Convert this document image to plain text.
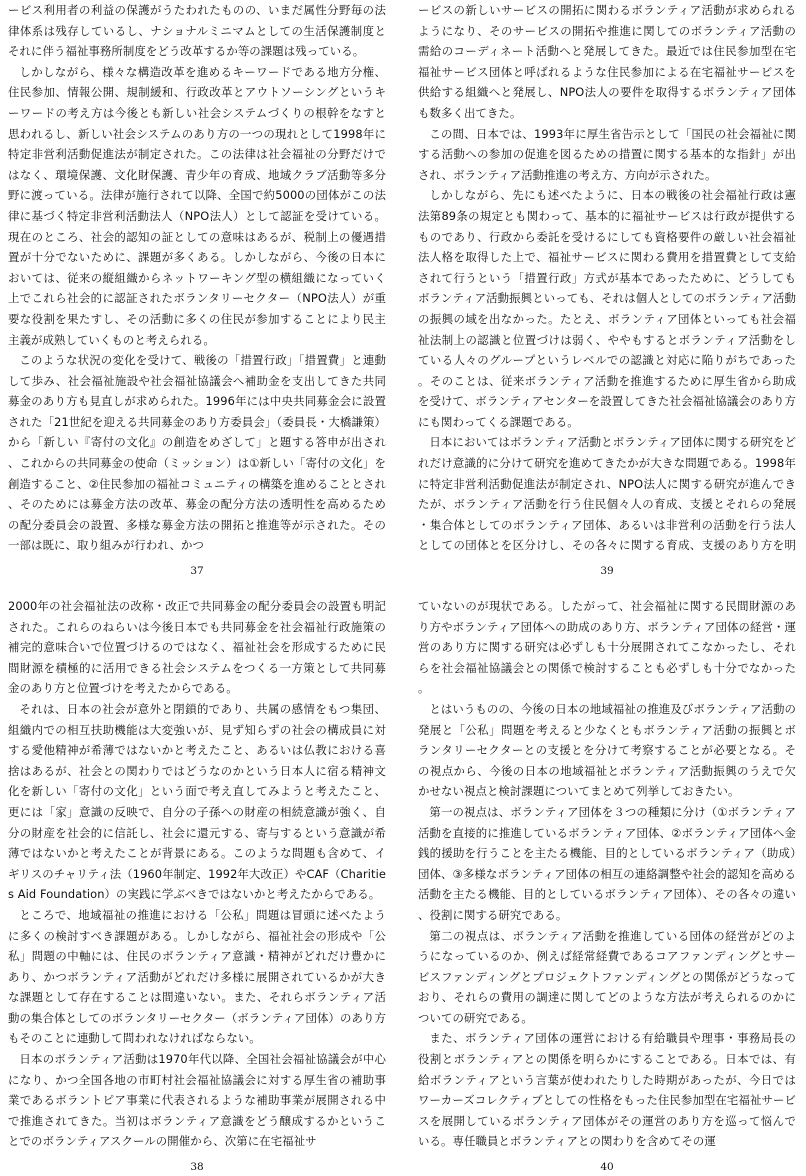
ービス利用者の利益の保護がうたわれたものの、いまだ属性分野毎の法律体系は残存しているし、ナショナルミニマムとしての生活保護制度とそれに伴う福祉事務所制度をどう改革するか等の課題は残っている。

しかしながら、様々な構造改革を進めるキーワードである地方分権、住民参加、情報公開、規制緩和、行政改革とアウトソーシングというキーワードの考え方は今後とも新しい社会システムづくりの根幹をなすと思われるし、新しい社会システムのあり方の一つの現れとして1998年に特定非営利活動促進法が制定された。この法律は社会福祉の分野だけではなく、環境保護、文化財保護、青少年の育成、地域クラブ活動等多分野に渡っている。法律が施行されて以降、全国で約5000の団体がこの法律に基づく特定非営利活動法人（NPO法人）として認証を受けている。現在のところ、社会的認知の証としての意味はあるが、税制上の優遇措置が十分でないために、課題が多くある。しかしながら、今後の日本においては、従来の縦組織からネットワーキング型の横組織になっていく上でこれら社会的に認証されたボランタリーセクター（NPO法人）が重要な役割を果たすし、その活動に多くの住民が参加することにより民主主義が成熟していくものと考えられる。

このような状況の変化を受けて、戦後の「措置行政」「措置費」と連動して歩み、社会福祉施設や社会福祉協議会へ補助金を支出してきた共同募金のあり方も見直しが求められた。1996年には中央共同募金会に設置された「21世紀を迎える共同募金のあり方委員会」（委員長・大橋謙策）から「新しい『寄付の文化』の創造をめざして」と題する答申が出され、これからの共同募金の使命（ミッション）は①新しい「寄付の文化」を創造すること、②住民参加の福祉コミュニティの構築を進めることとされ、そのためには募金方法の改革、募金の配分方法の透明性を高めるための配分委員会の設置、多様な募金方法の開拓と推進等が示された。その一部は既に、取り組みが行われ、かつ

37

ービスの新しいサービスの開拓に関わるボランティア活動が求められるようになり、そのサービスの開拓や推進に関してのボランティア活動の需給のコーディネート活動へと発展してきた。最近では住民参加型在宅福祉サービス団体と呼ばれるような住民参加による在宅福祉サービスを供給する組織へと発展し、NPO法人の要件を取得するボランティア団体も数多く出てきた。

この間、日本では、1993年に厚生省告示として「国民の社会福祉に関する活動への参加の促進を図るための措置に関する基本的な指針」が出され、ボランティア活動推進の考え方、方向が示された。

しかしながら、先にも述べたように、日本の戦後の社会福祉行政は憲法第89条の規定とも関わって、基本的に福祉サービスは行政が提供するものであり、行政から委託を受けるにしても資格要件の厳しい社会福祉法人格を取得した上で、福祉サービスに関わる費用を措置費として支給されて行うという「措置行政」方式が基本であったために、どうしてもボランティア活動振興といっても、それは個人としてのボランティア活動の振興の域を出なかった。たとえ、ボランティア団体といっても社会福祉法制上の認識と位置づけは弱く、ややもするとボランティア活動をしている人々のグループというレベルでの認識と対応に陥りがちであった。そのことは、従来ボランティア活動を推進するために厚生省から助成を受けて、ボランティアセンターを設置してきた社会福祉協議会のあり方にも関わってくる課題である。

日本においてはボランティア活動とボランティア団体に関する研究をどれだけ意識的に分けて研究を進めてきたかが大きな問題である。1998年に特定非営利活動促進法が制定され、NPO法人に関する研究が進んできたが、ボランティア活動を行う住民個々人の育成、支援とそれらの発展・集合体としてのボランティア団体、あるいは非営利の活動を行う法人としての団体とを区分けし、その各々に関する育成、支援のあり方を明

39

2000年の社会福祉法の改称・改正で共同募金の配分委員会の設置も明記された。これらのねらいは今後日本でも共同募金を社会福祉行政施策の補完的意味合いで位置づけるのではなく、福祉社会を形成するために民間財源を積極的に活用できる社会システムをつくる一方策として共同募金のあり方と位置づけを考えたからである。

それは、日本の社会が意外と閉鎖的であり、共属の感情をもつ集団、組織内での相互扶助機能は大変強いが、見ず知らずの社会の構成員に対する愛他精神が希薄ではないかと考えたこと、あるいは仏教における喜捨はあるが、社会との関わりではどうなのかという日本人に宿る精神文化を新しい「寄付の文化」という面で考え直してみようと考えたこと、更には「家」意識の反映で、自分の子孫への財産の相続意識が強く、自分の財産を社会的に信託し、社会に還元する、寄与するという意識が希薄ではないかと考えたことが背景にある。このような問題も含めて、イギリスのチャリティ法（1960年制定、1992年大改正）やCAF（Charities Aid Foundation）の実践に学ぶべきではないかと考えたからである。

ところで、地域福祉の推進における「公私」問題は冒頭に述べたように多くの検討すべき課題がある。しかしながら、福祉社会の形成や「公私」問題の中軸には、住民のボランティア意識・精神がどれだけ豊かにあり、かつボランティア活動がどれだけ多様に展開されているかが大きな課題として存在することは間違いない。また、それらボランティア活動の集合体としてのボランタリーセクター（ボランティア団体）のあり方もそのことに連動して問われなければならない。

日本のボランティア活動は1970年代以降、全国社会福祉協議会が中心になり、かつ全国各地の市町村社会福祉協議会に対する厚生省の補助事業であるボラントピア事業に代表されるような補助事業が展開される中で推進されてきた。当初はボランティア意識をどう醸成するかということでのボランティアスクールの開催から、次第に在宅福祉サ

38

ていないのが現状である。したがって、社会福祉に関する民間財源のあり方やボランティア団体への助成のあり方、ボランティア団体の経営・運営のあり方に関する研究は必ずしも十分展開されてこなかったし、それらを社会福祉協議会との関係で検討することも必ずしも十分でなかった。

とはいうものの、今後の日本の地域福祉の推進及びボランティア活動の発展と「公私」問題を考えると少なくともボランティア活動の振興とボランタリーセクターとの支援とを分けて考察することが必要となる。その視点から、今後の日本の地域福祉とボランティア活動振興のうえで欠かせない視点と検討課題についてまとめて列挙しておきたい。

第一の視点は、ボランティア団体を３つの種類に分け（①ボランティア活動を直接的に推進しているボランティア団体、②ボランティア団体へ金銭的援助を行うことを主たる機能、目的としているボランティア（助成）団体、③多様なボランティア団体の相互の連絡調整や社会的認知を高める活動を主たる機能、目的としているボランティア団体）、その各々の違い、役割に関する研究である。

第二の視点は、ボランティア活動を推進している団体の経営がどのようになっているのか、例えば経常経費であるコアファンディングとサービスファンディングとプロジェクトファンディングとの関係がどうなっており、それらの費用の調達に関してどのような方法が考えられるのかについての研究である。

また、ボランティア団体の運営における有給職員や理事・事務局長の役割とボランティアとの関係を明らかにすることである。日本では、有給ボランティアという言葉が使われたりした時期があったが、今日ではワーカーズコレクティブとしての性格をもった住民参加型在宅福祉サービスを展開しているボランティア団体がその運営のあり方を巡って悩んでいる。専任職員とボランティアとの関わりを含めてその運

40
